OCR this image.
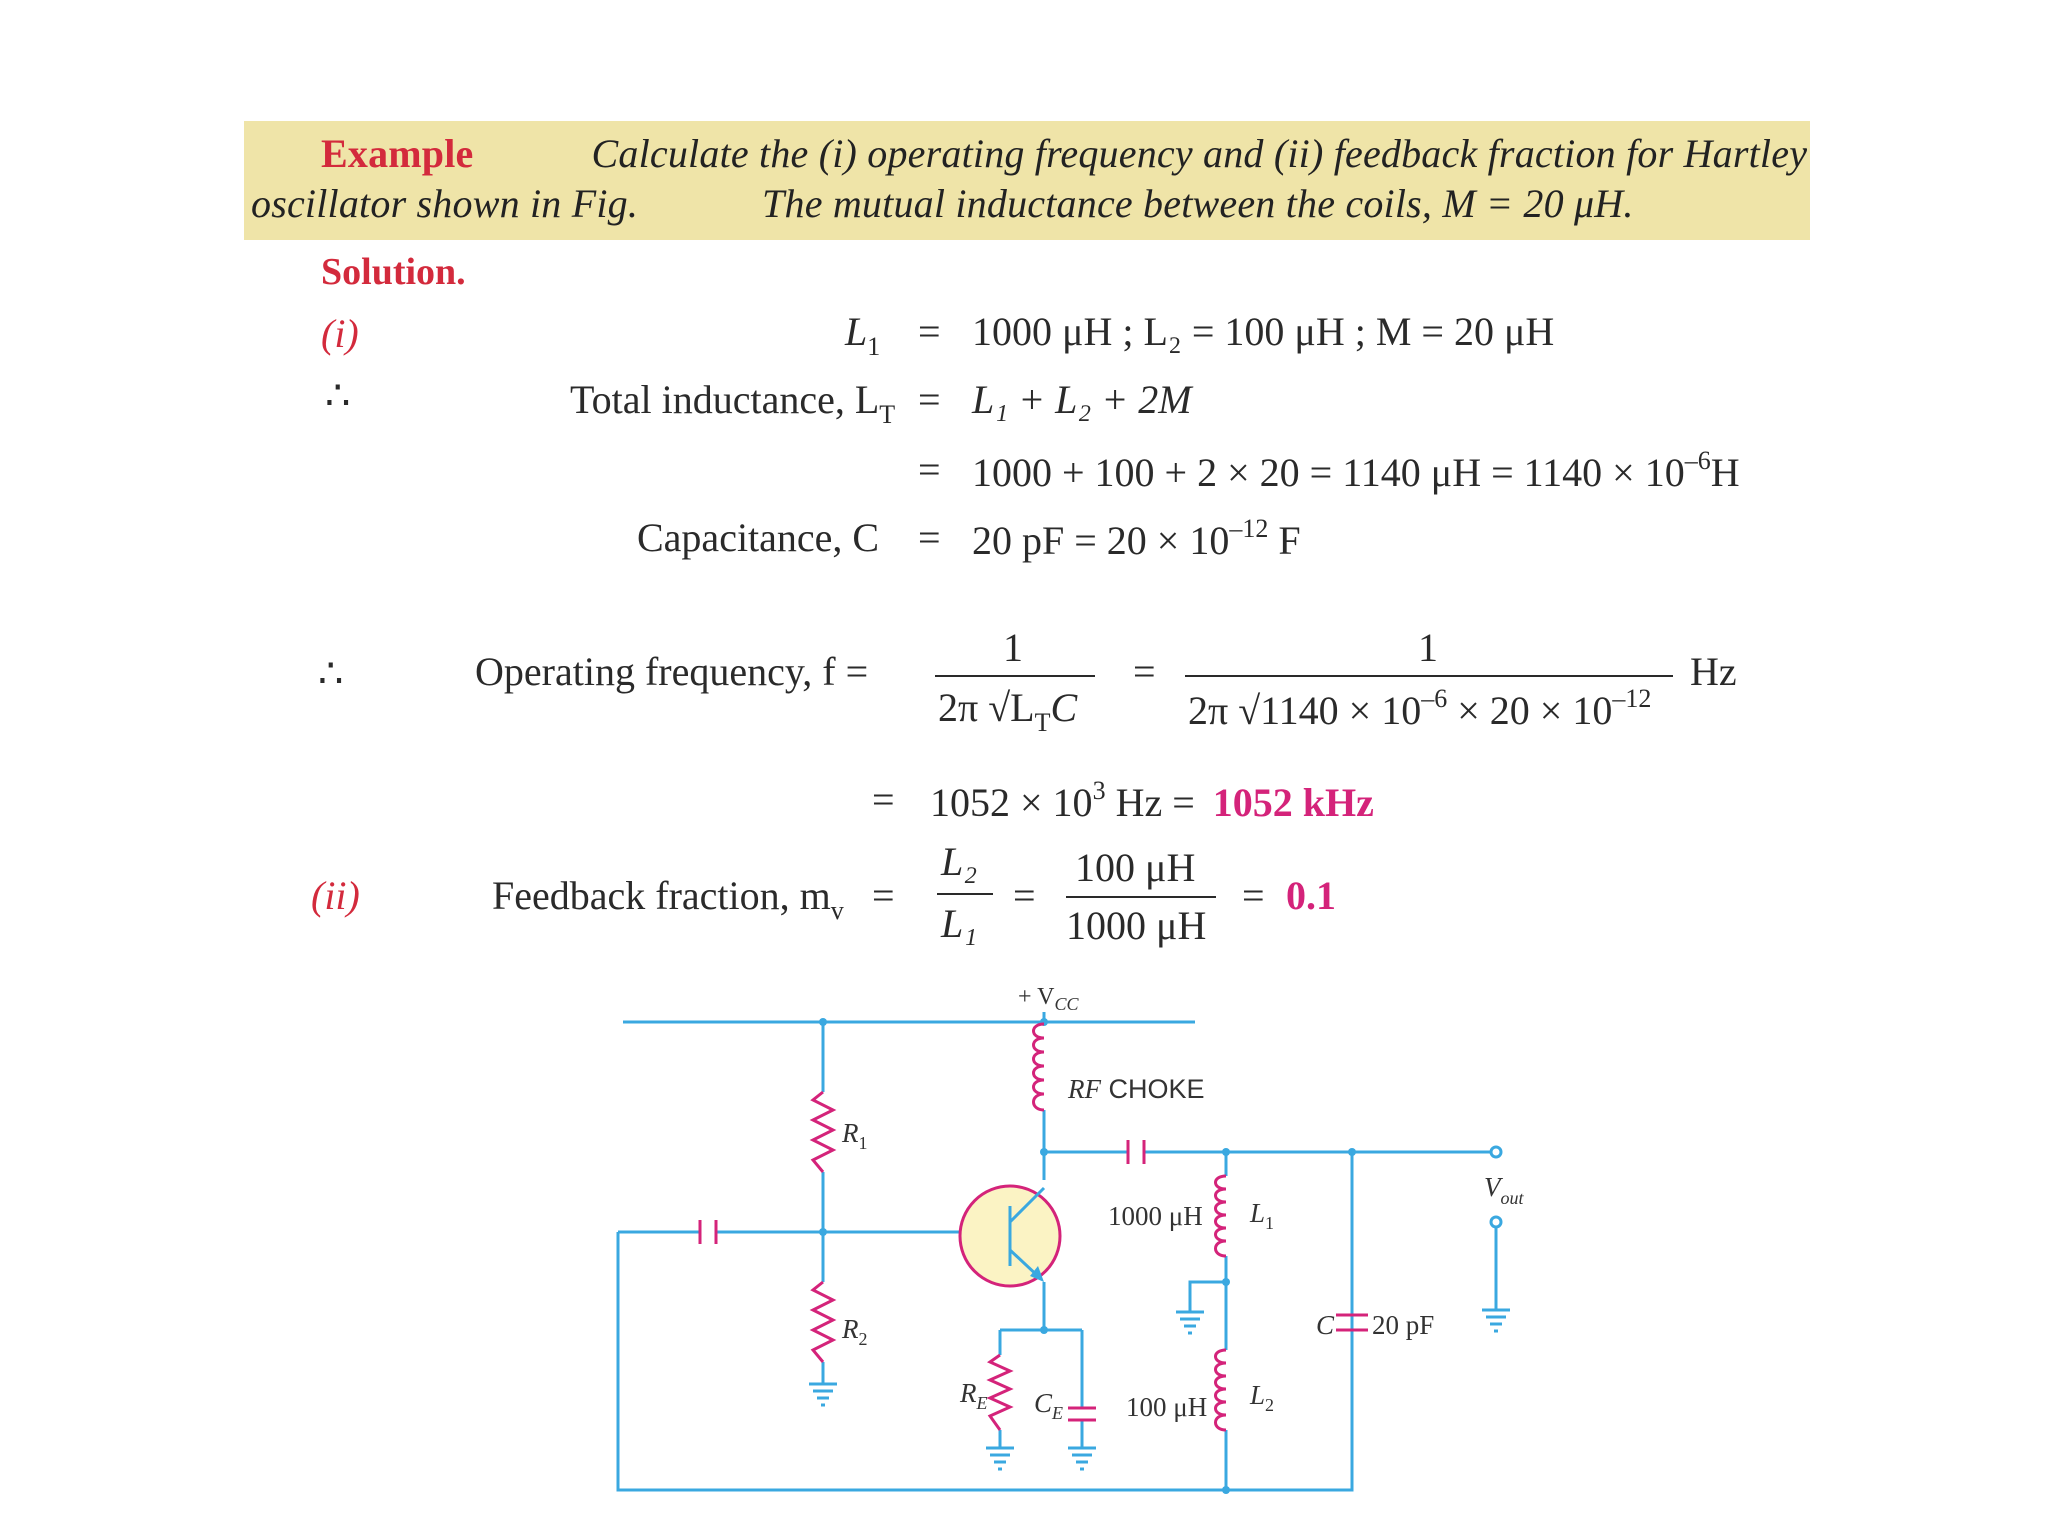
Example	Calculate the (i) operating frequency and (ii) feedback fraction for Hartley
oscillator shown in Fig.	The mutual inductance between the coils, M = 20 μH.
Solution.
(i)	$L_1 = 1000$ μH ; L₂ = 100 μH ; M = 20 μH
∴	Total inductance, $L_T = L_1 + L_2 + 2M$
= 1000 + 100 + 2 × 20 = 1140 $\mu H = 1140 \times 10^{-6}H$
Capacitance, C = 20 pF = $20 \times 10^{-12}$ F
∴	Operating frequency, f =
1
2π $√L_TC$
=
1
2π $√1140 \times 10^{-6} \times 20 \times 10^{-12}$
Hz
= $1052 \times 10^3$ Hz = 1052 kHz
(ii)	Feedback fraction, $m_v$ =
L₂
L₁
=
100 μH
1000 μH
= 0.1
+ $V_{CC}$
RF CHOKE
$R_1$
$R_2$
$R_E$ $C_E$
1000 μH $L_1$
100 μH $L_2$
C 20 pF
$V_{out}$
